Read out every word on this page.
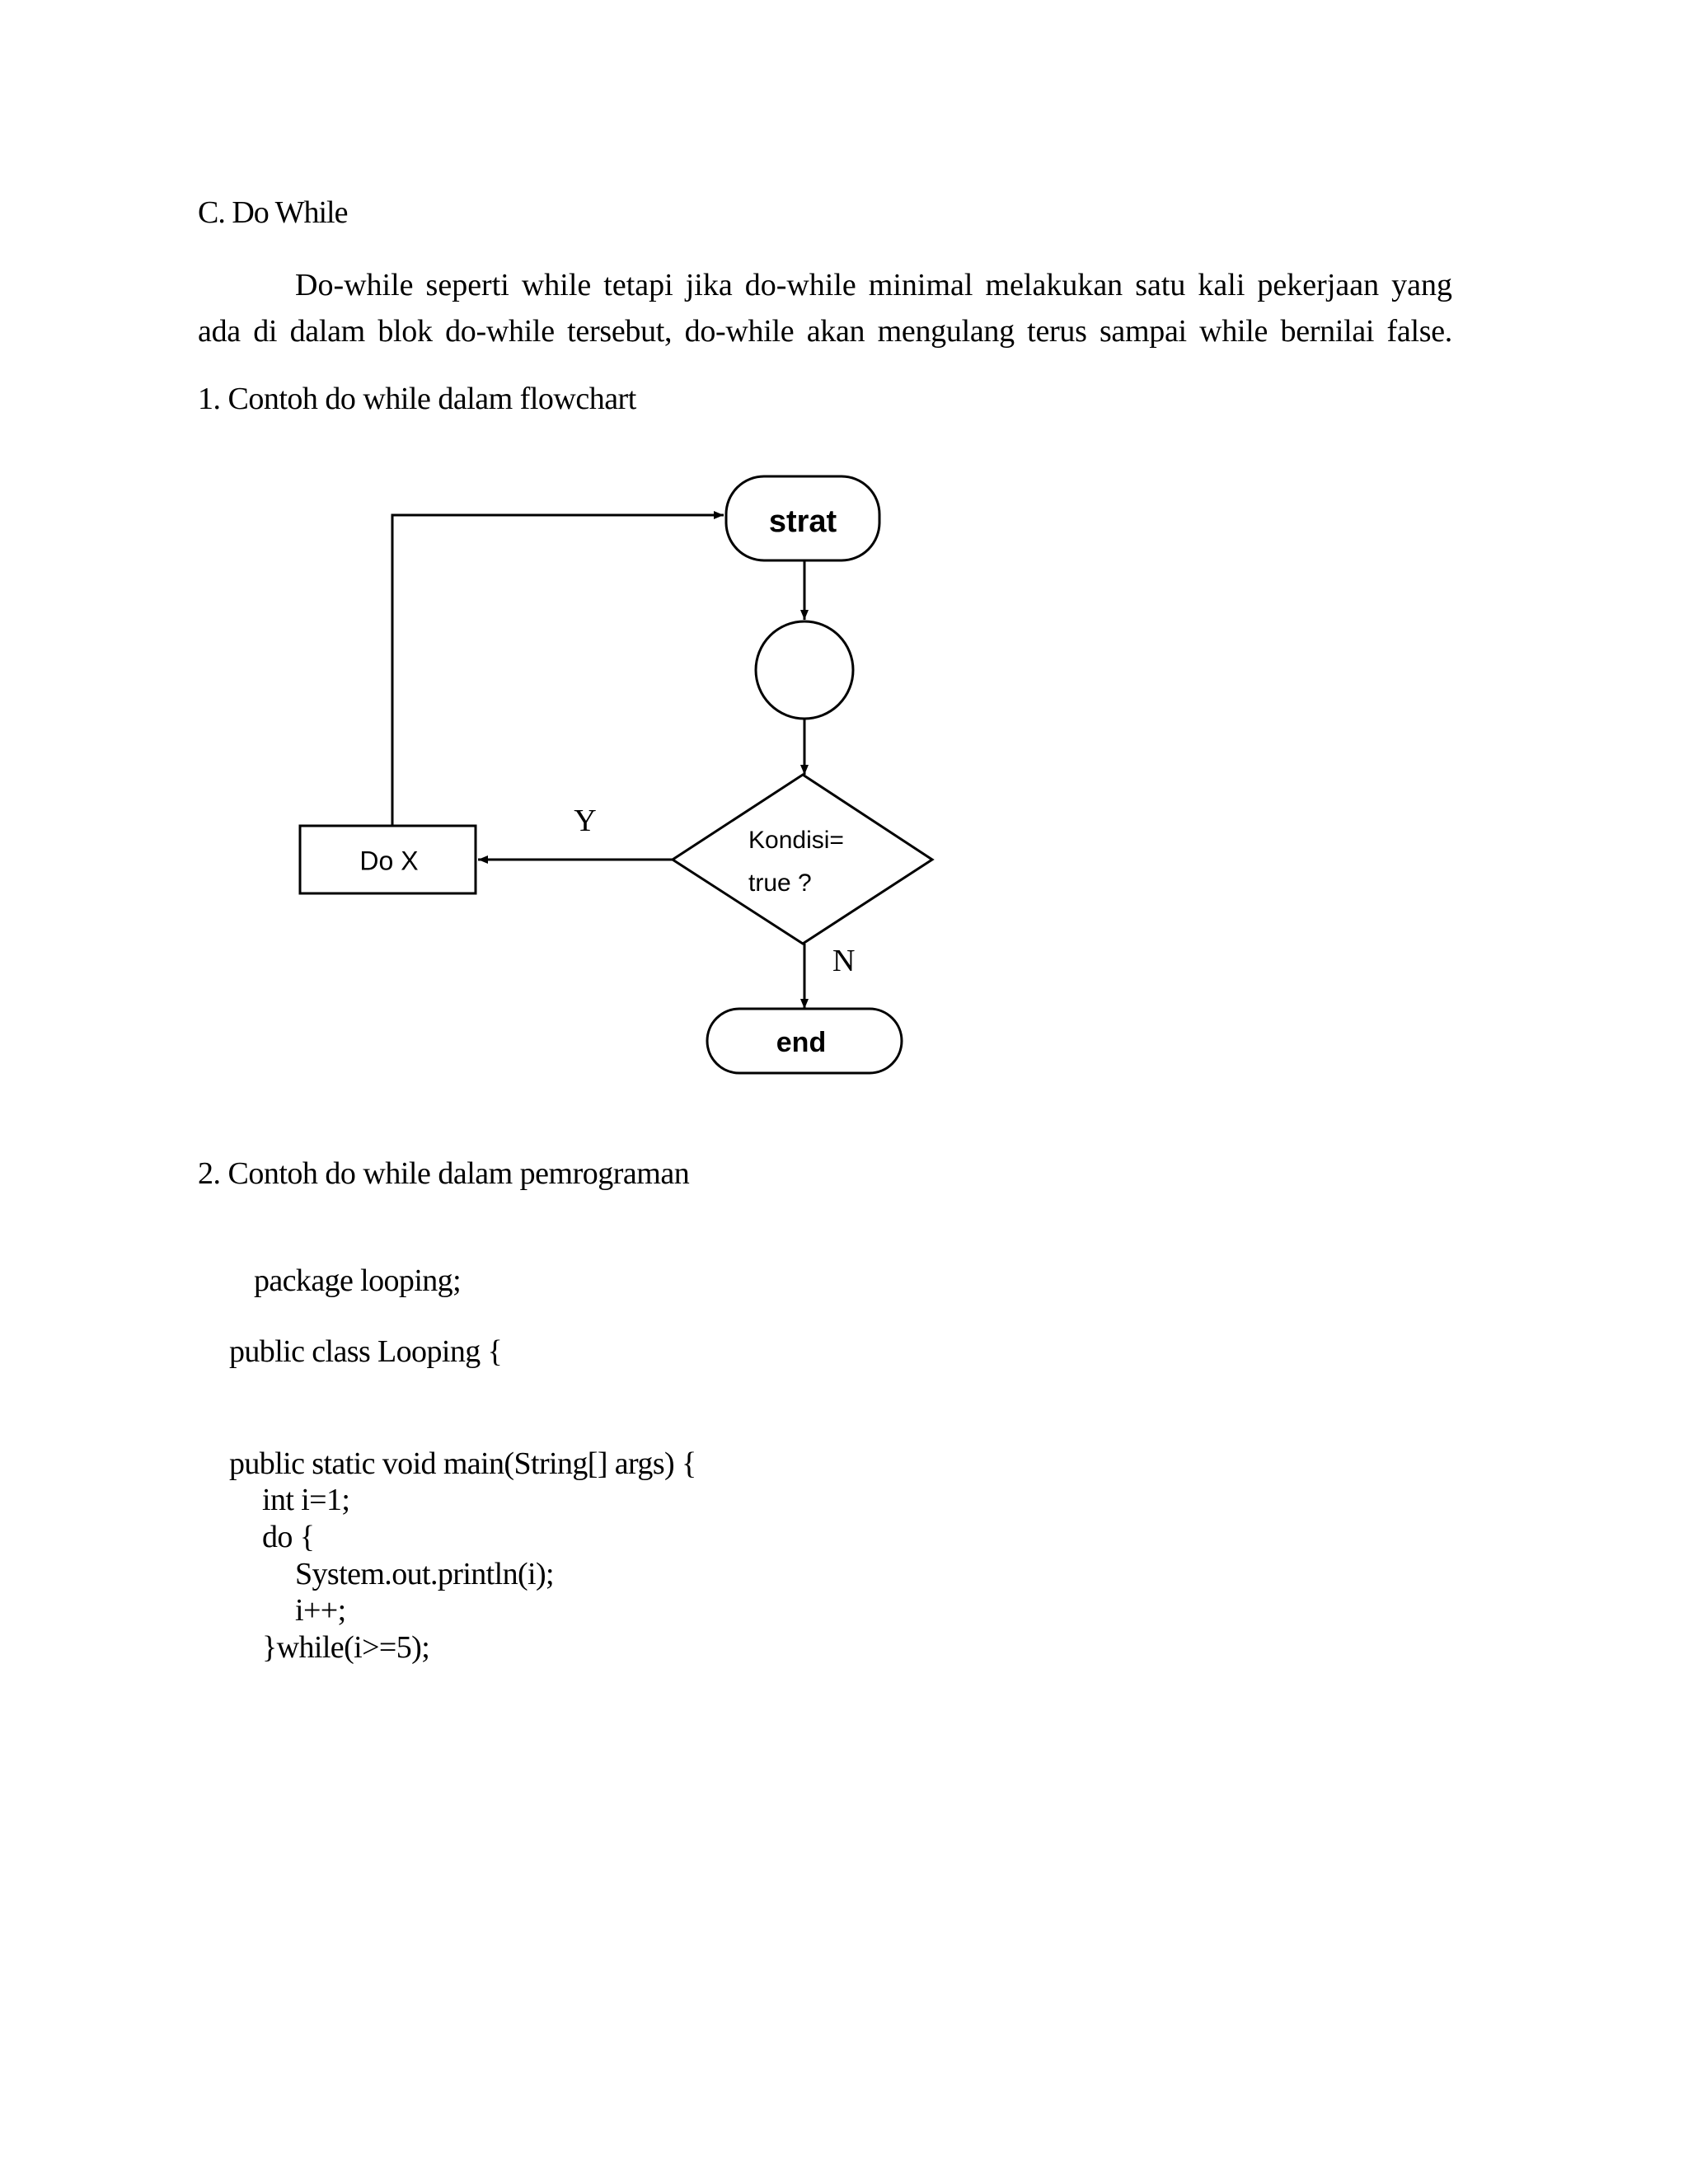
C. Do While
Do-while seperti while tetapi jika do-while minimal melakukan satu kali pekerjaan yang
ada di dalam blok do-while tersebut, do-while akan mengulang terus sampai while bernilai false.
1. Contoh do while dalam flowchart
strat
Kondisi=
true ?
Y
Do X
N
end
2. Contoh do while dalam pemrograman
package looping;
public class Looping {
public static void main(String[] args) {
int i=1;
do {
System.out.println(i);
i++;
}while(i>=5);
